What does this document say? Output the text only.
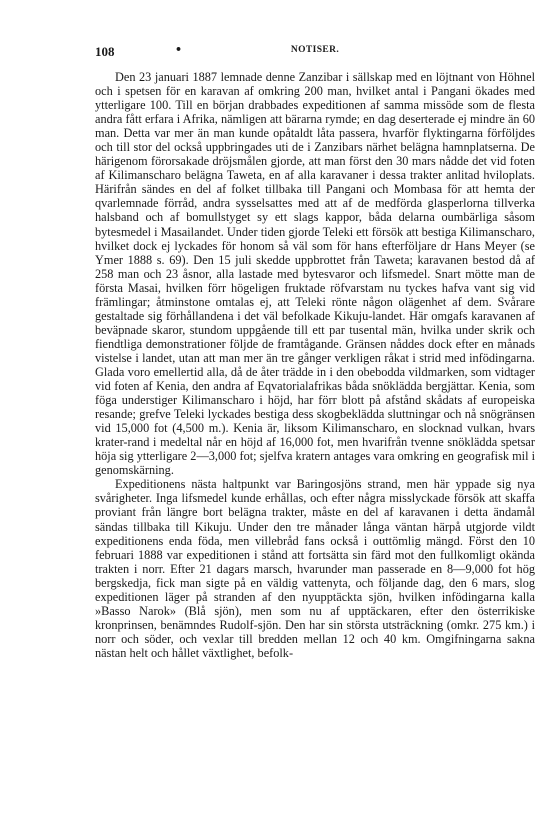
108	•	NOTISER.

Den 23 januari 1887 lemnade denne Zanzibar i sällskap med en löjtnant von Höhnel och i spetsen för en karavan af omkring 200 man, hvilket antal i Pangani ökades med ytterligare 100. Till en början drabbades expeditionen af samma missöde som de flesta andra fått erfara i Afrika, nämligen att bärarna rymde; en dag deserterade ej mindre än 60 man. Detta var mer än man kunde opåtaldt låta passera, hvarför flyktingarna förföljdes och till stor del också uppbringades uti de i Zanzibars närhet belägna hamnplatserna. De härigenom förorsakade dröjsmålen gjorde, att man först den 30 mars nådde det vid foten af Kilimanscharo belägna Taweta, en af alla karavaner i dessa trakter anlitad hviloplats. Härifrån sändes en del af folket tillbaka till Pangani och Mombasa för att hemta der qvarlemnade förråd, andra sysselsattes med att af de medförda glasperlorna tillverka halsband och af bomullstyget sy ett slags kappor, båda delarna oumbärliga såsom bytesmedel i Masailandet. Under tiden gjorde Teleki ett försök att bestiga Kilimanscharo, hvilket dock ej lyckades för honom så väl som för hans efterföljare dr Hans Meyer (se Ymer 1888 s. 69). Den 15 juli skedde uppbrottet från Taweta; karavanen bestod då af 258 man och 23 åsnor, alla lastade med bytesvaror och lifsmedel. Snart mötte man de första Masai, hvilken förr högeligen fruktade röfvarstam nu tyckes hafva vant sig vid främlingar; åtminstone omtalas ej, att Teleki rönte någon olägenhet af dem. Svårare gestaltade sig förhållandena i det väl befolkade Kikuju-landet. Här omgafs karavanen af beväpnade skaror, stundom uppgående till ett par tusental män, hvilka under skrik och fiendtliga demonstrationer följde de framtågande. Gränsen nåddes dock efter en månads vistelse i landet, utan att man mer än tre gånger verkligen råkat i strid med infödingarna. Glada voro emellertid alla, då de åter trädde in i den obebodda vildmarken, som vidtager vid foten af Kenia, den andra af Eqvatorialafrikas båda snöklädda bergjättar. Kenia, som föga understiger Kilimanscharo i höjd, har förr blott på afstånd skådats af europeiska resande; grefve Teleki lyckades bestiga dess skogbeklädda sluttningar och nå snögränsen vid 15,000 fot (4,500 m.). Kenia är, liksom Kilimanscharo, en slocknad vulkan, hvars krater-rand i medeltal når en höjd af 16,000 fot, men hvarifrån tvenne snöklädda spetsar höja sig ytterligare 2—3,000 fot; sjelfva kratern antages vara omkring en geografisk mil i genomskärning.

Expeditionens nästa haltpunkt var Baringosjöns strand, men här yppade sig nya svårigheter. Inga lifsmedel kunde erhållas, och efter några misslyckade försök att skaffa proviant från längre bort belägna trakter, måste en del af karavanen i detta ändamål sändas tillbaka till Kikuju. Under den tre månader långa väntan härpå utgjorde vildt expeditionens enda föda, men villebråd fans också i outtömlig mängd. Först den 10 februari 1888 var expeditionen i stånd att fortsätta sin färd mot den fullkomligt okända trakten i norr. Efter 21 dagars marsch, hvarunder man passerade en 8—9,000 fot hög bergskedja, fick man sigte på en väldig vattenyta, och följande dag, den 6 mars, slog expeditionen läger på stranden af den nyupptäckta sjön, hvilken infödingarna kalla »Basso Narok» (Blå sjön), men som nu af upptäckaren, efter den österrikiske kronprinsen, benämndes Rudolf-sjön. Den har sin största utsträckning (omkr. 275 km.) i norr och söder, och vexlar till bredden mellan 12 och 40 km. Omgifningarna sakna nästan helt och hållet växtlighet, befolk-
